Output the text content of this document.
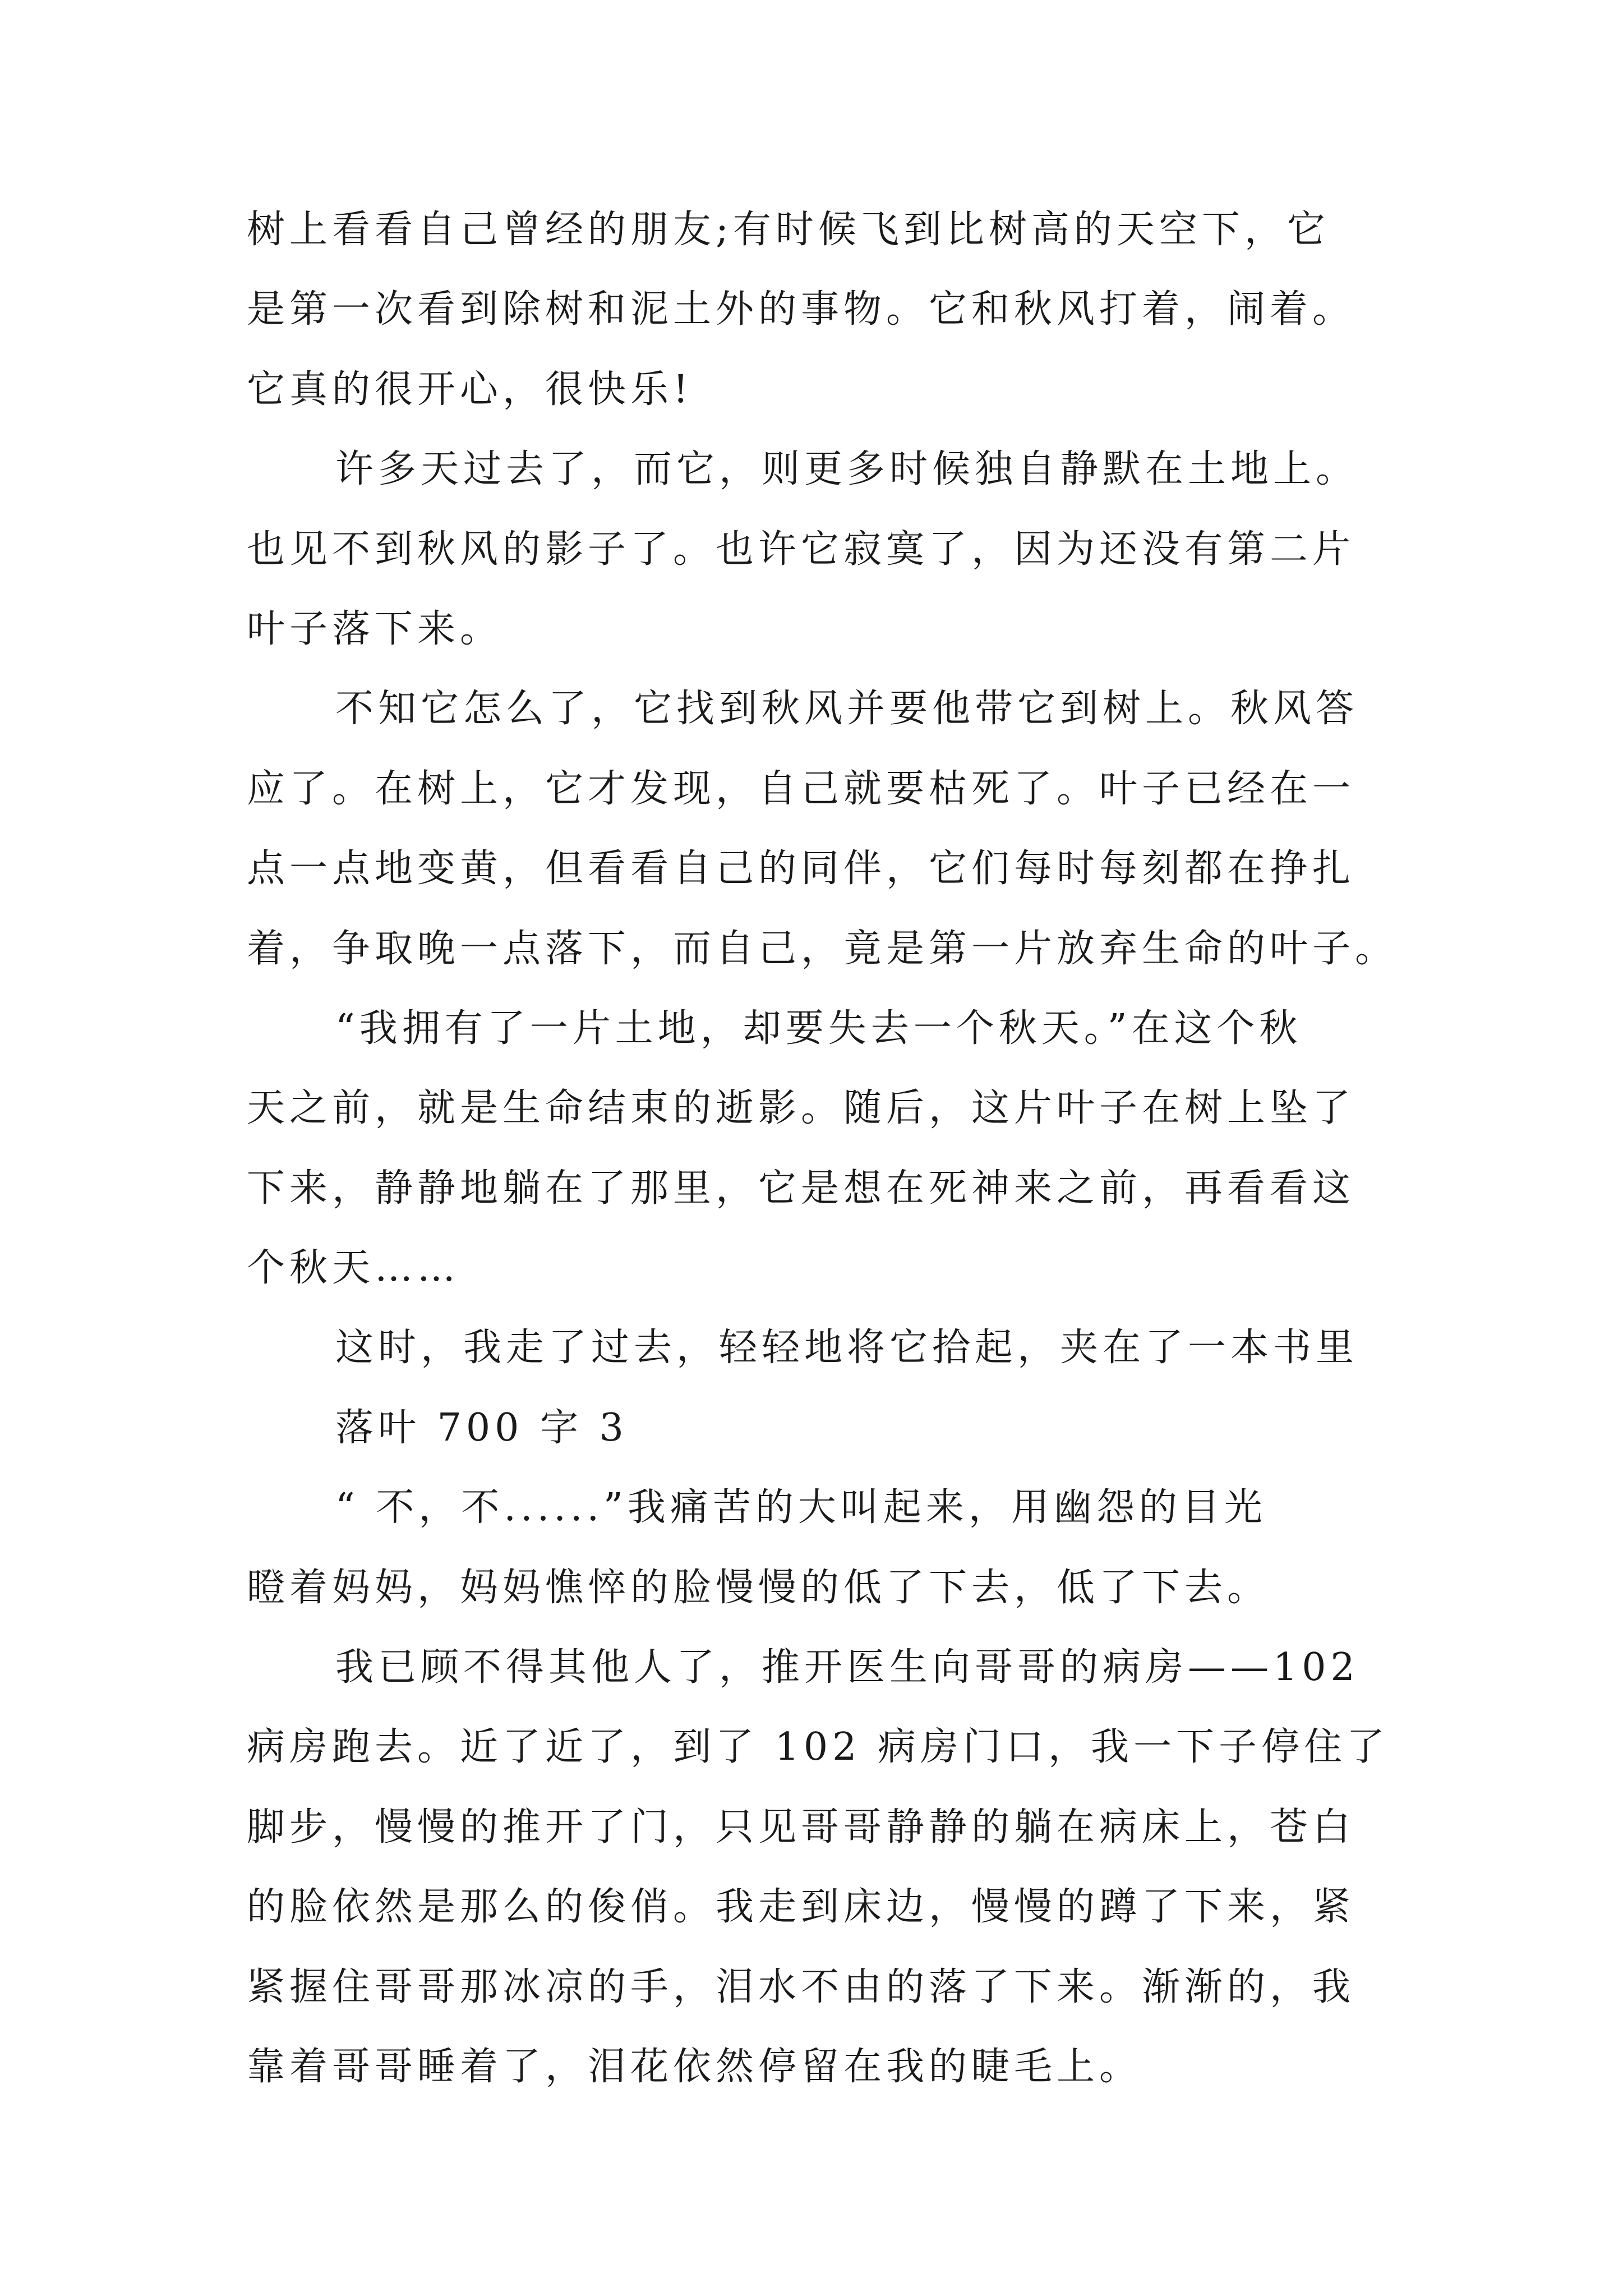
树上看看自己曾经的朋友;有时候飞到比树高的天空下，它
是第一次看到除树和泥土外的事物。它和秋风打着，闹着。
它真的很开心，很快乐!
许多天过去了，而它，则更多时候独自静默在土地上。
也见不到秋风的影子了。也许它寂寞了，因为还没有第二片
叶子落下来。
不知它怎么了，它找到秋风并要他带它到树上。秋风答
应了。在树上，它才发现，自己就要枯死了。叶子已经在一
点一点地变黄，但看看自己的同伴，它们每时每刻都在挣扎
着，争取晚一点落下，而自己，竟是第一片放弃生命的叶子。
“我拥有了一片土地，却要失去一个秋天。”在这个秋
天之前，就是生命结束的逝影。随后，这片叶子在树上坠了
下来，静静地躺在了那里，它是想在死神来之前，再看看这
个秋天……
这时，我走了过去，轻轻地将它拾起，夹在了一本书里
落叶 700 字 3
“ 不，不......”我痛苦的大叫起来，用幽怨的目光
瞪着妈妈，妈妈憔悴的脸慢慢的低了下去，低了下去。
我已顾不得其他人了，推开医生向哥哥的病房——102
病房跑去。近了近了，到了 102 病房门口，我一下子停住了
脚步，慢慢的推开了门，只见哥哥静静的躺在病床上，苍白
的脸依然是那么的俊俏。我走到床边，慢慢的蹲了下来，紧
紧握住哥哥那冰凉的手，泪水不由的落了下来。渐渐的，我
靠着哥哥睡着了，泪花依然停留在我的睫毛上。
